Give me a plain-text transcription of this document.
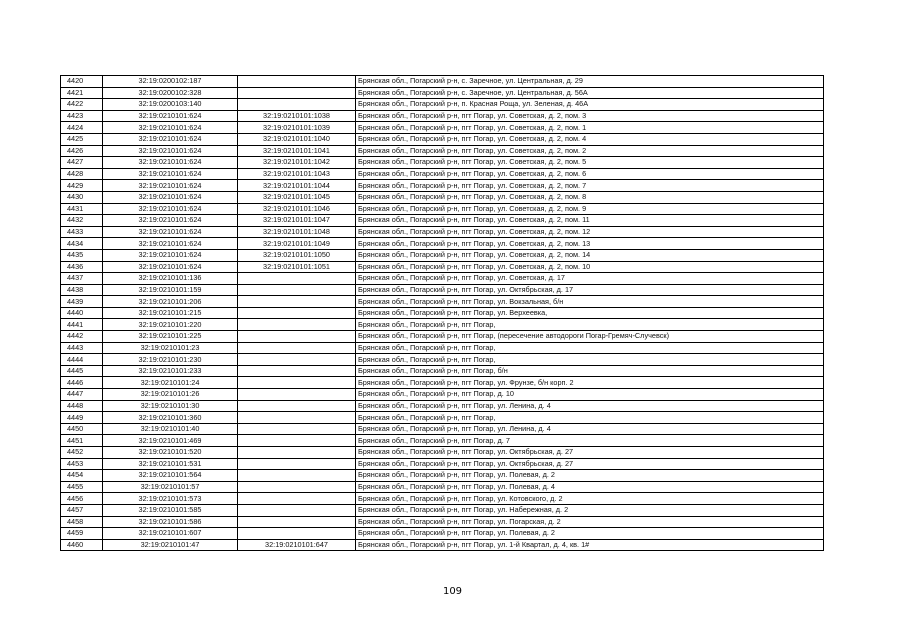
4420	32:19:0200102:187		Брянская обл., Погарский р-н, с. Заречное, ул. Центральная, д. 29
4421	32:19:0200102:328		Брянская обл., Погарский р-н, с. Заречное, ул. Центральная, д. 56А
4422	32:19:0200103:140		Брянская обл., Погарский р-н, п. Красная Роща, ул. Зеленая, д. 46А
4423	32:19:0210101:624	32:19:0210101:1038	Брянская обл., Погарский р-н, пгт Погар, ул. Советская, д. 2, пом. 3
4424	32:19:0210101:624	32:19:0210101:1039	Брянская обл., Погарский р-н, пгт Погар, ул. Советская, д. 2, пом. 1
4425	32:19:0210101:624	32:19:0210101:1040	Брянская обл., Погарский р-н, пгт Погар, ул. Советская, д. 2, пом. 4
4426	32:19:0210101:624	32:19:0210101:1041	Брянская обл., Погарский р-н, пгт Погар, ул. Советская, д. 2, пом. 2
4427	32:19:0210101:624	32:19:0210101:1042	Брянская обл., Погарский р-н, пгт Погар, ул. Советская, д. 2, пом. 5
4428	32:19:0210101:624	32:19:0210101:1043	Брянская обл., Погарский р-н, пгт Погар, ул. Советская, д. 2, пом. 6
4429	32:19:0210101:624	32:19:0210101:1044	Брянская обл., Погарский р-н, пгт Погар, ул. Советская, д. 2, пом. 7
4430	32:19:0210101:624	32:19:0210101:1045	Брянская обл., Погарский р-н, пгт Погар, ул. Советская, д. 2, пом. 8
4431	32:19:0210101:624	32:19:0210101:1046	Брянская обл., Погарский р-н, пгт Погар, ул. Советская, д. 2, пом. 9
4432	32:19:0210101:624	32:19:0210101:1047	Брянская обл., Погарский р-н, пгт Погар, ул. Советская, д. 2, пом. 11
4433	32:19:0210101:624	32:19:0210101:1048	Брянская обл., Погарский р-н, пгт Погар, ул. Советская, д. 2, пом. 12
4434	32:19:0210101:624	32:19:0210101:1049	Брянская обл., Погарский р-н, пгт Погар, ул. Советская, д. 2, пом. 13
4435	32:19:0210101:624	32:19:0210101:1050	Брянская обл., Погарский р-н, пгт Погар, ул. Советская, д. 2, пом. 14
4436	32:19:0210101:624	32:19:0210101:1051	Брянская обл., Погарский р-н, пгт Погар, ул. Советская, д. 2, пом. 10
4437	32:19:0210101:136		Брянская обл., Погарский р-н, пгт Погар, ул. Советская, д. 17
4438	32:19:0210101:159		Брянская обл., Погарский р-н, пгт Погар, ул. Октябрьская, д. 17
4439	32:19:0210101:206		Брянская обл., Погарский р-н, пгт Погар, ул. Вокзальная, б/н
4440	32:19:0210101:215		Брянская обл., Погарский р-н, пгт Погар, ул. Верхеевка,
4441	32:19:0210101:220		Брянская обл., Погарский р-н, пгт Погар,
4442	32:19:0210101:225		Брянская обл., Погарский р-н, пгт Погар, (пересечение автодороги Погар-Гремяч-Случевск)
4443	32:19:0210101:23		Брянская обл., Погарский р-н, пгт Погар,
4444	32:19:0210101:230		Брянская обл., Погарский р-н, пгт Погар,
4445	32:19:0210101:233		Брянская обл., Погарский р-н, пгт Погар, б/н
4446	32:19:0210101:24		Брянская обл., Погарский р-н, пгт Погар, ул. Фрунзе, б/н корп. 2
4447	32:19:0210101:26		Брянская обл., Погарский р-н, пгт Погар, д. 10
4448	32:19:0210101:30		Брянская обл., Погарский р-н, пгт Погар, ул. Ленина, д. 4
4449	32:19:0210101:360		Брянская обл., Погарский р-н, пгт Погар,
4450	32:19:0210101:40		Брянская обл., Погарский р-н, пгт Погар, ул. Ленина, д. 4
4451	32:19:0210101:469		Брянская обл., Погарский р-н, пгт Погар, д. 7
4452	32:19:0210101:520		Брянская обл., Погарский р-н, пгт Погар, ул. Октябрьская, д. 27
4453	32:19:0210101:531		Брянская обл., Погарский р-н, пгт Погар, ул. Октябрьская, д. 27
4454	32:19:0210101:564		Брянская обл., Погарский р-н, пгт Погар, ул. Полевая, д. 2
4455	32:19:0210101:57		Брянская обл., Погарский р-н, пгт Погар, ул. Полевая, д. 4
4456	32:19:0210101:573		Брянская обл., Погарский р-н, пгт Погар, ул. Котовского, д. 2
4457	32:19:0210101:585		Брянская обл., Погарский р-н, пгт Погар, ул. Набережная, д. 2
4458	32:19:0210101:586		Брянская обл., Погарский р-н, пгт Погар, ул. Погарская, д. 2
4459	32:19:0210101:607		Брянская обл., Погарский р-н, пгт Погар, ул. Полевая, д. 2
4460	32:19:0210101:47	32:19:0210101:647	Брянская обл., Погарский р-н, пгт Погар, ул. 1-й Квартал, д. 4, кв. 1#
109
